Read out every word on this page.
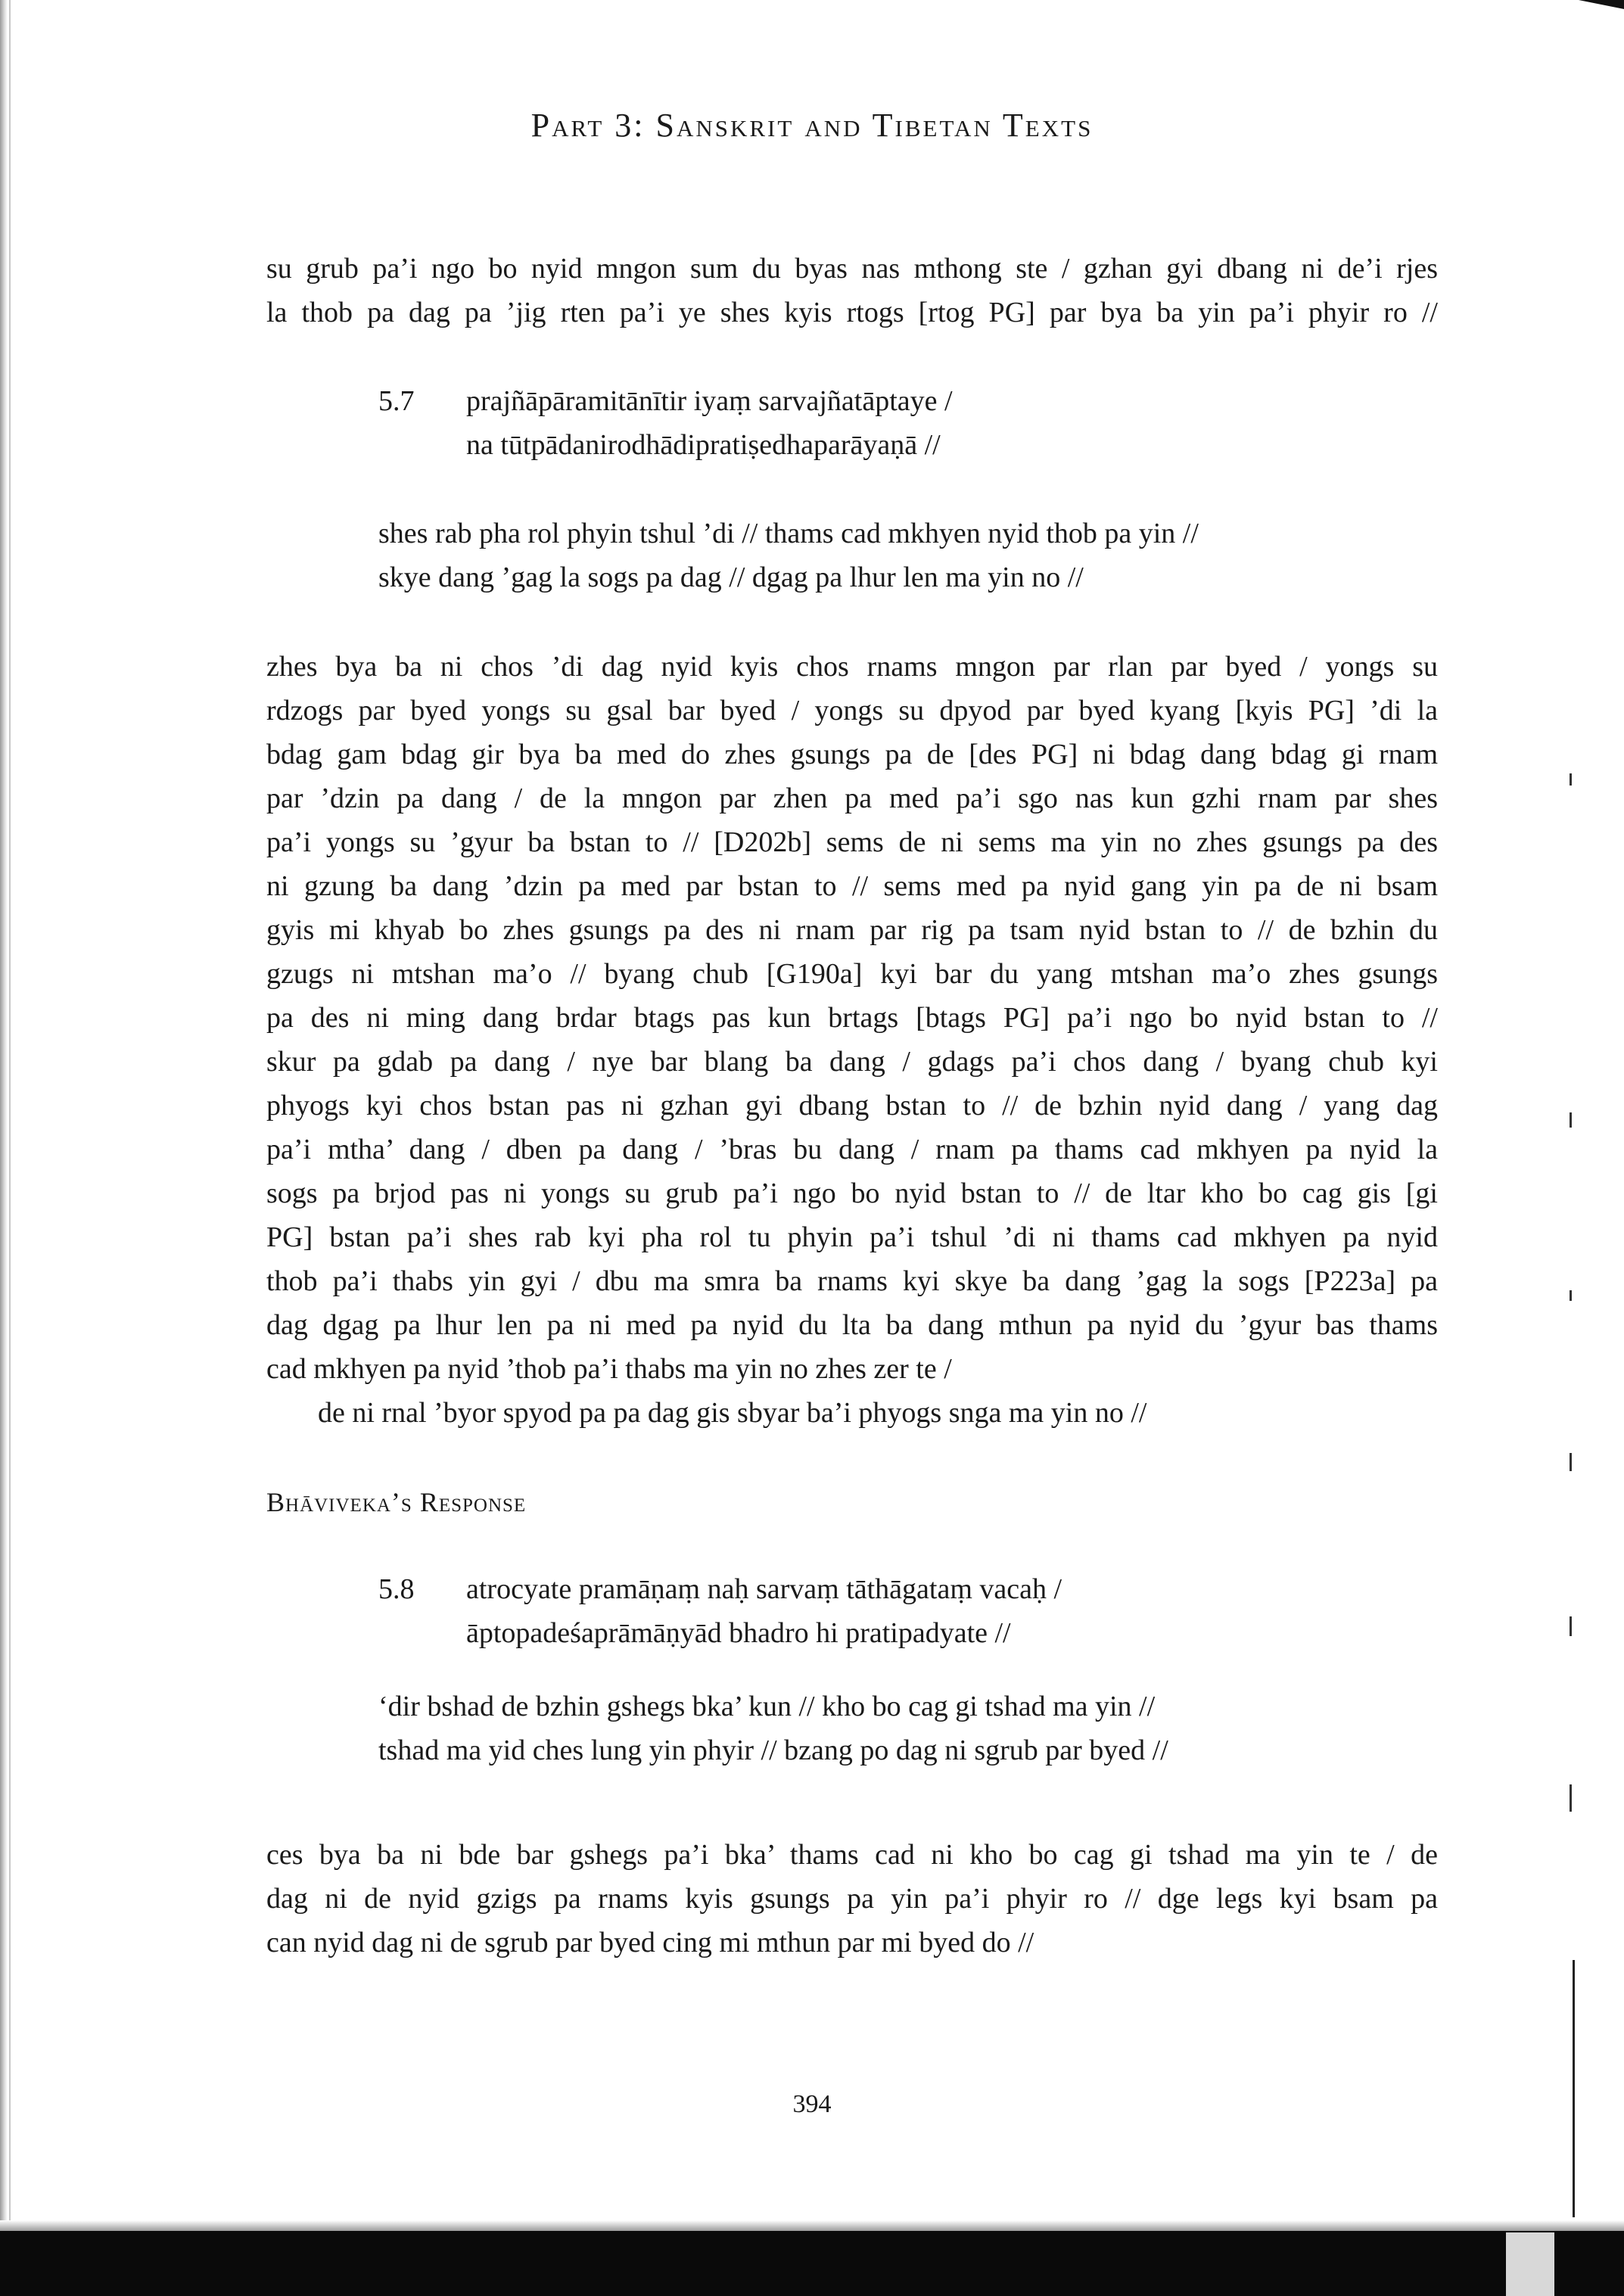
Part 3: Sanskrit and Tibetan Texts
su grub pa’i ngo bo nyid mngon sum du byas nas mthong ste / gzhan gyi dbang ni de’i rjes
la thob pa dag pa ’jig rten pa’i ye shes kyis rtogs [rtog PG] par bya ba yin pa’i phyir ro //
5.7 prajñāpāramitānītir iyaṃ sarvajñatāptaye /
na tūtpādanirodhādipratiṣedhaparāyaṇā //
shes rab pha rol phyin tshul ’di // thams cad mkhyen nyid thob pa yin //
skye dang ’gag la sogs pa dag // dgag pa lhur len ma yin no //
zhes bya ba ni chos ’di dag nyid kyis chos rnams mngon par rlan par byed / yongs su
rdzogs par byed yongs su gsal bar byed / yongs su dpyod par byed kyang [kyis PG] ’di la
bdag gam bdag gir bya ba med do zhes gsungs pa de [des PG] ni bdag dang bdag gi rnam
par ’dzin pa dang / de la mngon par zhen pa med pa’i sgo nas kun gzhi rnam par shes
pa’i yongs su ’gyur ba bstan to // [D202b] sems de ni sems ma yin no zhes gsungs pa des
ni gzung ba dang ’dzin pa med par bstan to // sems med pa nyid gang yin pa de ni bsam
gyis mi khyab bo zhes gsungs pa des ni rnam par rig pa tsam nyid bstan to // de bzhin du
gzugs ni mtshan ma’o // byang chub [G190a] kyi bar du yang mtshan ma’o zhes gsungs
pa des ni ming dang brdar btags pas kun brtags [btags PG] pa’i ngo bo nyid bstan to //
skur pa gdab pa dang / nye bar blang ba dang / gdags pa’i chos dang / byang chub kyi
phyogs kyi chos bstan pas ni gzhan gyi dbang bstan to // de bzhin nyid dang / yang dag
pa’i mtha’ dang / dben pa dang / ’bras bu dang / rnam pa thams cad mkhyen pa nyid la
sogs pa brjod pas ni yongs su grub pa’i ngo bo nyid bstan to // de ltar kho bo cag gis [gi
PG] bstan pa’i shes rab kyi pha rol tu phyin pa’i tshul ’di ni thams cad mkhyen pa nyid
thob pa’i thabs yin gyi / dbu ma smra ba rnams kyi skye ba dang ’gag la sogs [P223a] pa
dag dgag pa lhur len pa ni med pa nyid du lta ba dang mthun pa nyid du ’gyur bas thams
cad mkhyen pa nyid ’thob pa’i thabs ma yin no zhes zer te /
de ni rnal ’byor spyod pa pa dag gis sbyar ba’i phyogs snga ma yin no //
Bhāviveka’s Response
5.8 atrocyate pramāṇaṃ naḥ sarvaṃ tāthāgataṃ vacaḥ /
āptopadeśaprāmāṇyād bhadro hi pratipadyate //
‘dir bshad de bzhin gshegs bka’ kun // kho bo cag gi tshad ma yin //
tshad ma yid ches lung yin phyir // bzang po dag ni sgrub par byed //
ces bya ba ni bde bar gshegs pa’i bka’ thams cad ni kho bo cag gi tshad ma yin te / de
dag ni de nyid gzigs pa rnams kyis gsungs pa yin pa’i phyir ro // dge legs kyi bsam pa
can nyid dag ni de sgrub par byed cing mi mthun par mi byed do //
394
